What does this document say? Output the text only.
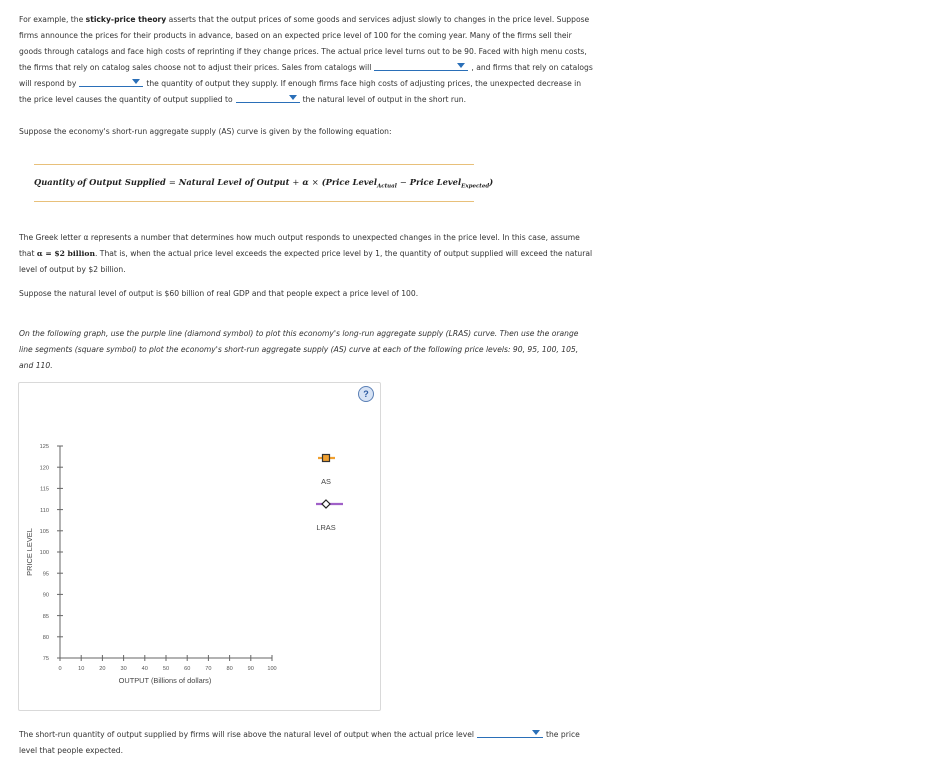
For example, the sticky-price theory asserts that the output prices of some goods and services adjust slowly to changes in the price level. Suppose
firms announce the prices for their products in advance, based on an expected price level of 100 for the coming year. Many of the firms sell their
goods through catalogs and face high costs of reprinting if they change prices. The actual price level turns out to be 90. Faced with high menu costs,
the firms that rely on catalog sales choose not to adjust their prices. Sales from catalogs will	, and firms that rely on catalogs
will respond by	the quantity of output they supply. If enough firms face high costs of adjusting prices, the unexpected decrease in
the price level causes the quantity of output supplied to	the natural level of output in the short run.
Suppose the economy's short-run aggregate supply (AS) curve is given by the following equation:
Quantity of Output Supplied = Natural Level of Output + α × (Price Level$_{Actual}$ − Price Level$_{Expected}$)
The Greek letter α represents a number that determines how much output responds to unexpected changes in the price level. In this case, assume
that α = $2 billion. That is, when the actual price level exceeds the expected price level by 1, the quantity of output supplied will exceed the natural
level of output by $2 billion.
Suppose the natural level of output is $60 billion of real GDP and that people expect a price level of 100.
On the following graph, use the purple line (diamond symbol) to plot this economy's long-run aggregate supply (LRAS) curve. Then use the orange
line segments (square symbol) to plot the economy's short-run aggregate supply (AS) curve at each of the following price levels: 90, 95, 100, 105,
and 110.
?
125
120
115
110
105
100
95
90
85
80
75
0	10	20	30	40	50	60	70	80	90 100
PRICE LEVEL
OUTPUT (Billions of dollars)
AS
LRAS
The short-run quantity of output supplied by firms will rise above the natural level of output when the actual price level	the price
level that people expected.
